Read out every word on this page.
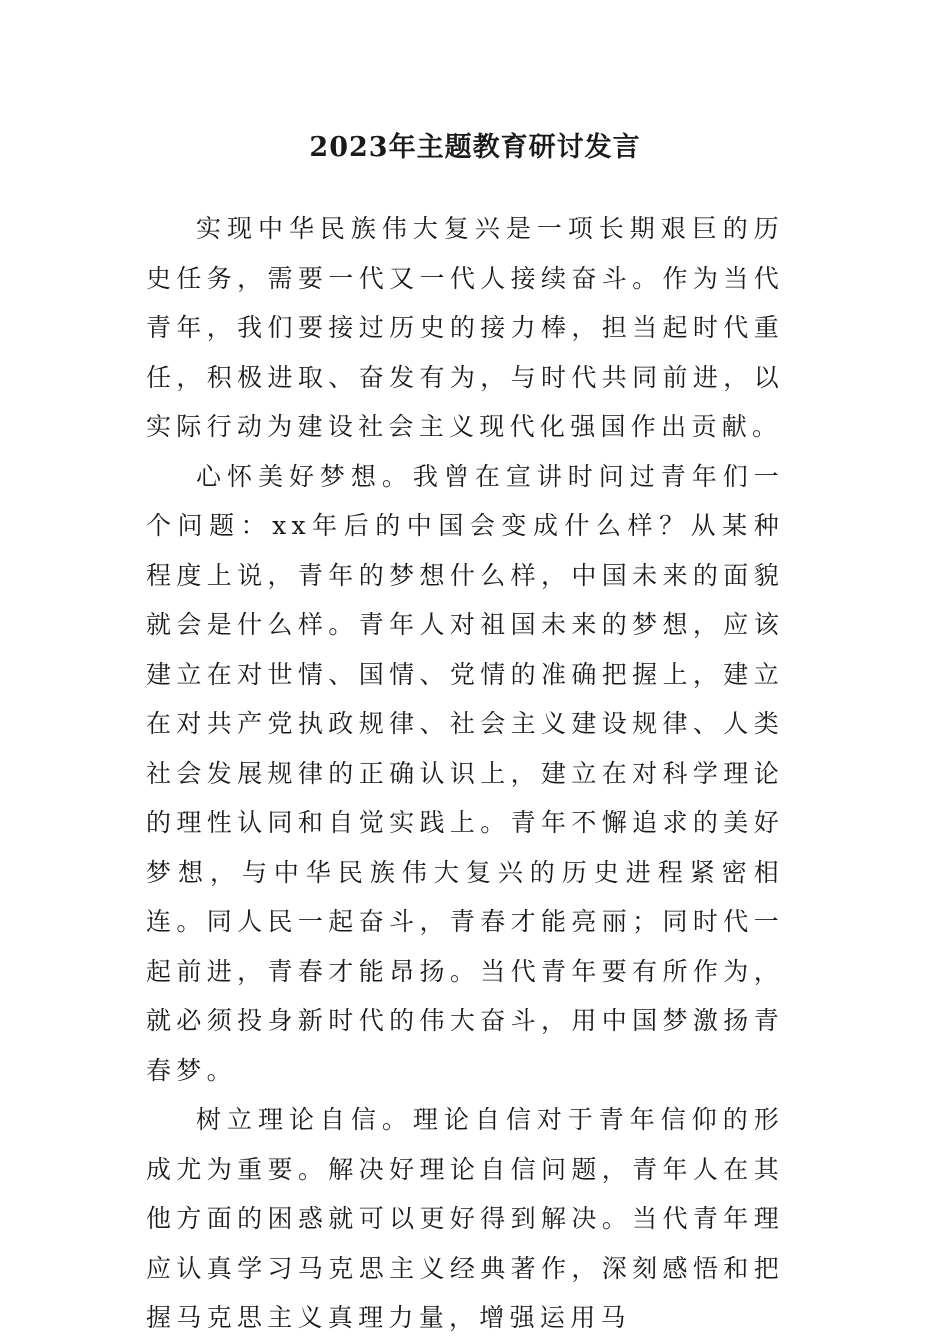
2023年主题教育研讨发言

实现中华民族伟大复兴是一项长期艰巨的历史任务，需要一代又一代人接续奋斗。作为当代青年，我们要接过历史的接力棒，担当起时代重任，积极进取、奋发有为，与时代共同前进，以实际行动为建设社会主义现代化强国作出贡献。

心怀美好梦想。我曾在宣讲时问过青年们一个问题：xx年后的中国会变成什么样？从某种程度上说，青年的梦想什么样，中国未来的面貌就会是什么样。青年人对祖国未来的梦想，应该建立在对世情、国情、党情的准确把握上，建立在对共产党执政规律、社会主义建设规律、人类社会发展规律的正确认识上，建立在对科学理论的理性认同和自觉实践上。青年不懈追求的美好梦想，与中华民族伟大复兴的历史进程紧密相连。同人民一起奋斗，青春才能亮丽；同时代一起前进，青春才能昂扬。当代青年要有所作为，就必须投身新时代的伟大奋斗，用中国梦激扬青春梦。

树立理论自信。理论自信对于青年信仰的形成尤为重要。解决好理论自信问题，青年人在其他方面的困惑就可以更好得到解决。当代青年理应认真学习马克思主义经典著作，深刻感悟和把握马克思主义真理力量，增强运用马
